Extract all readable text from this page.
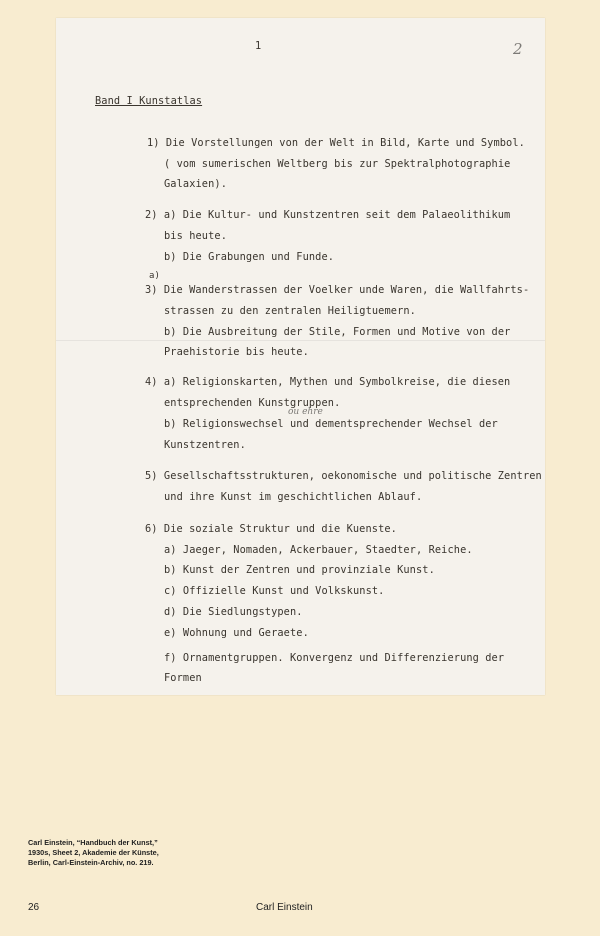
1	2
Band I Kunstatlas
1) Die Vorstellungen von der Welt in Bild, Karte und Symbol.
( vom sumerischen Weltberg bis zur Spektralphotographie
Galaxien).
2) a) Die Kultur- und Kunstzentren seit dem Palaeolithikum
bis heute.
b) Die Grabungen und Funde.
a)
3) Die Wanderstrassen der Voelker unde Waren, die Wallfahrts-
strassen zu den zentralen Heiligtuemern.
b) Die Ausbreitung der Stile, Formen und Motive von der
Praehistorie bis heute.
4) a) Religionskarten, Mythen und Symbolkreise, die diesen
entsprechenden Kunstgruppen.
ou ehre
b) Religionswechsel und dementsprechender Wechsel der
Kunstzentren.
5) Gesellschaftsstrukturen, oekonomische und politische Zentren
und ihre Kunst im geschichtlichen Ablauf.
6) Die soziale Struktur und die Kuenste.
a) Jaeger, Nomaden, Ackerbauer, Staedter, Reiche.
b) Kunst der Zentren und provinziale Kunst.
c) Offizielle Kunst und Volkskunst.
d) Die Siedlungstypen.
e) Wohnung und Geraete.
f) Ornamentgruppen. Konvergenz und Differenzierung der Formen
Carl Einstein, “Handbuch der Kunst,”
1930s, Sheet 2, Akademie der Künste,
Berlin, Carl-Einstein-Archiv, no. 219.
26	Carl Einstein
